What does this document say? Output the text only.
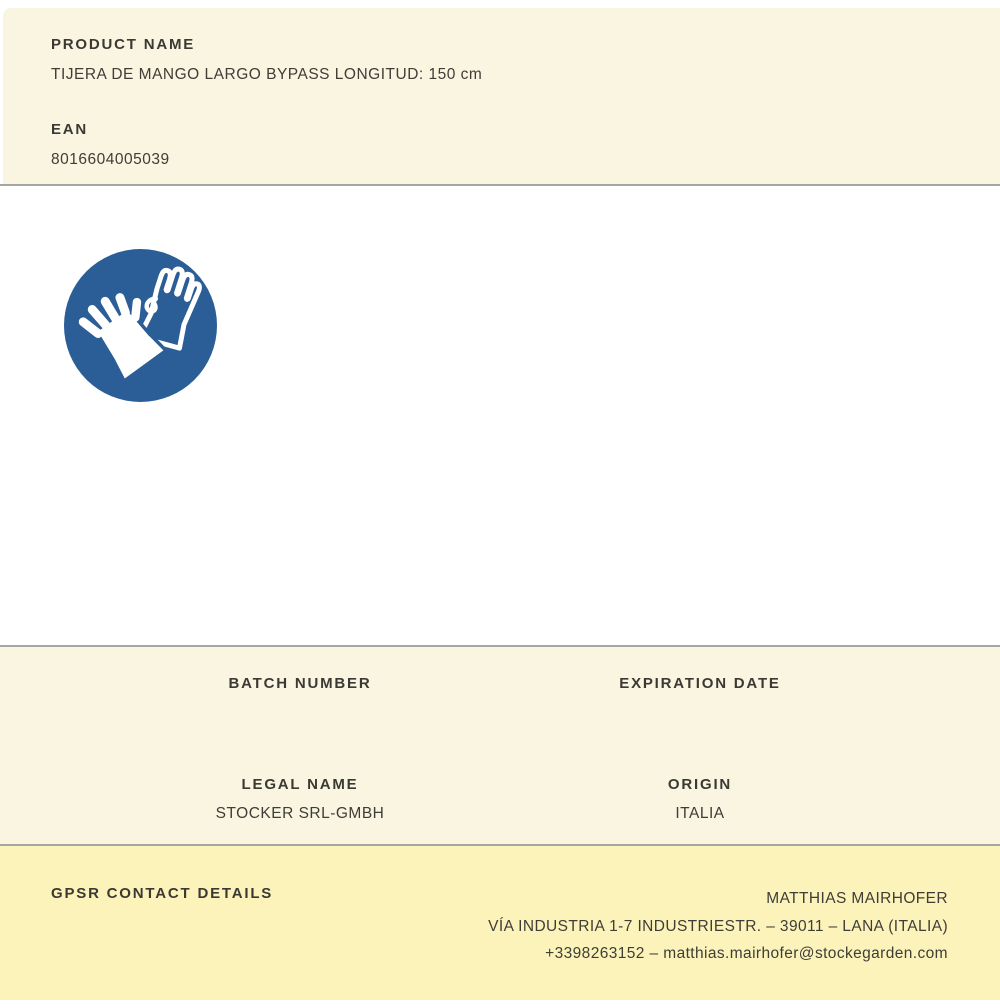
PRODUCT NAME
TIJERA DE MANGO LARGO BYPASS LONGITUD: 150 cm
EAN
8016604005039
BATCH NUMBER	EXPIRATION DATE
LEGAL NAME
STOCKER SRL-GMBH
ORIGIN
ITALIA
GPSR CONTACT DETAILS	MATTHIAS MAIRHOFER
VÍA INDUSTRIA 1-7 INDUSTRIESTR. – 39011 – LANA (ITALIA)
+3398263152 – matthias.mairhofer@stockegarden.com
